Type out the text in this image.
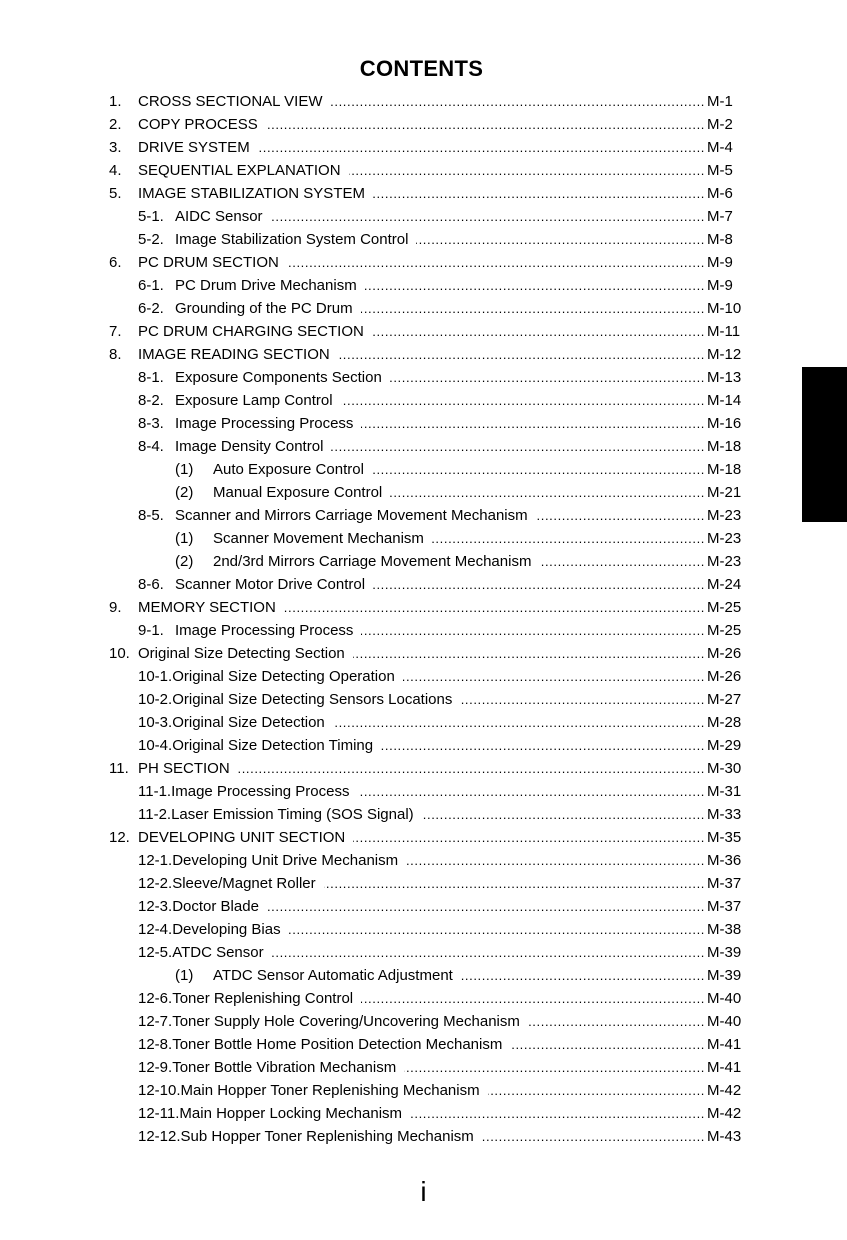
CONTENTS
1.	CROSS SECTIONAL VIEW .....	M-1
2.	COPY PROCESS .....	M-2
3.	DRIVE SYSTEM .....	M-4
4.	SEQUENTIAL EXPLANATION .....	M-5
5.	IMAGE STABILIZATION SYSTEM .....	M-6
5-1. AIDC Sensor .....	M-7
5-2. Image Stabilization System Control .....	M-8
6.	PC DRUM SECTION .....	M-9
6-1. PC Drum Drive Mechanism .....	M-9
6-2. Grounding of the PC Drum .....	M-10
7.	PC DRUM CHARGING SECTION .....	M-11
8.	IMAGE READING SECTION .....	M-12
8-1. Exposure Components Section .....	M-13
8-2. Exposure Lamp Control .....	M-14
8-3. Image Processing Process .....	M-16
8-4. Image Density Control .....	M-18
(1)	Auto Exposure Control .....	M-18
(2)	Manual Exposure Control .....	M-21
8-5. Scanner and Mirrors Carriage Movement Mechanism .....	M-23
(1)	Scanner Movement Mechanism .....	M-23
(2)	2nd/3rd Mirrors Carriage Movement Mechanism .....	M-23
8-6. Scanner Motor Drive Control .....	M-24
9.	MEMORY SECTION .....	M-25
9-1. Image Processing Process .....	M-25
10. Original Size Detecting Section .....	M-26
10-1. Original Size Detecting Operation .....	M-26
10-2. Original Size Detecting Sensors Locations .....	M-27
10-3. Original Size Detection .....	M-28
10-4. Original Size Detection Timing .....	M-29
11. PH SECTION .....	M-30
11-1. Image Processing Process .....	M-31
11-2. Laser Emission Timing (SOS Signal) .....	M-33
12. DEVELOPING UNIT SECTION .....	M-35
12-1. Developing Unit Drive Mechanism .....	M-36
12-2. Sleeve/Magnet Roller .....	M-37
12-3. Doctor Blade .....	M-37
12-4. Developing Bias .....	M-38
12-5. ATDC Sensor .....	M-39
(1)	ATDC Sensor Automatic Adjustment .....	M-39
12-6. Toner Replenishing Control .....	M-40
12-7. Toner Supply Hole Covering/Uncovering Mechanism .....	M-40
12-8. Toner Bottle Home Position Detection Mechanism .....	M-41
12-9. Toner Bottle Vibration Mechanism .....	M-41
12-10. Main Hopper Toner Replenishing Mechanism .....	M-42
12-11. Main Hopper Locking Mechanism .....	M-42
12-12. Sub Hopper Toner Replenishing Mechanism .....	M-43
i
